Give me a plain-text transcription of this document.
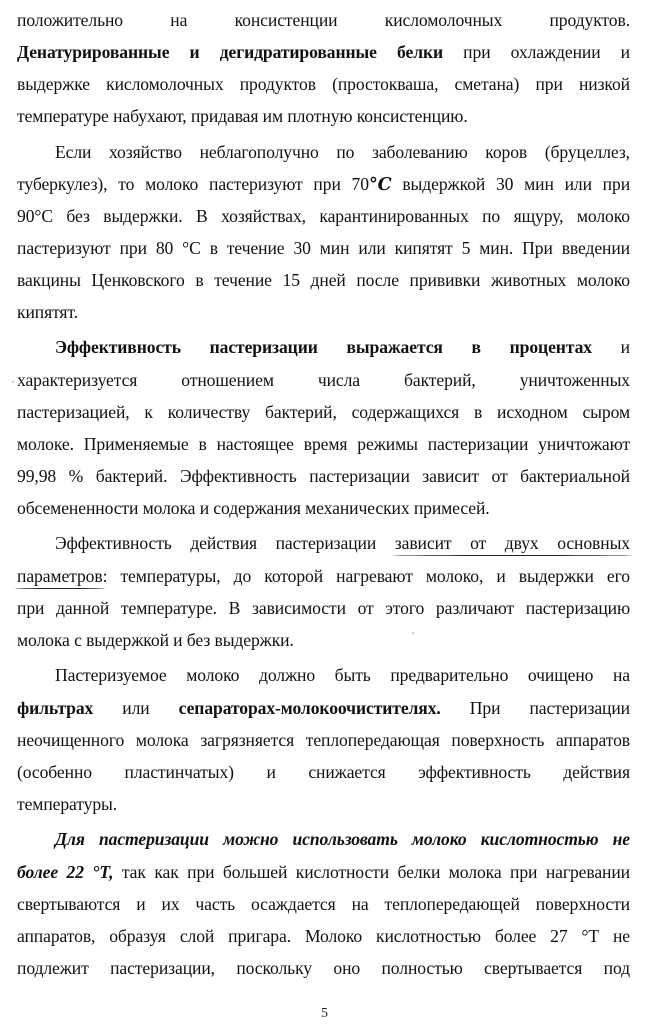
положительно на консистенции кисломолочных продуктов.
Денатурированные и дегидратированные белки при охлаждении и
выдержке кисломолочных продуктов (простокваша, сметана) при низкой
температуре набухают, придавая им плотную консистенцию.
Если хозяйство неблагополучно по заболеванию коров (бруцеллез,
туберкулез), то молоко пастеризуют при 70°C выдержкой 30 мин или при
90°С без выдержки. В хозяйствах, карантинированных по ящуру, молоко
пастеризуют при 80 °С в течение 30 мин или кипятят 5 мин. При введении
вакцины Ценковского в течение 15 дней после прививки животных молоко
кипятят.
Эффективность пастеризации выражается в процентах и
характеризуется отношением числа бактерий, уничтоженных
пастеризацией, к количеству бактерий, содержащихся в исходном сыром
молоке. Применяемые в настоящее время режимы пастеризации уничтожают
99,98 % бактерий. Эффективность пастеризации зависит от бактериальной
обсемененности молока и содержания механических примесей.
Эффективность действия пастеризации зависит от двух основных
параметров: температуры, до которой нагревают молоко, и выдержки его
при данной температуре. В зависимости от этого различают пастеризацию
молока с выдержкой и без выдержки.
Пастеризуемое молоко должно быть предварительно очищено на
фильтрах или сепараторах-молокоочистителях. При пастеризации
неочищенного молока загрязняется теплопередающая поверхность аппаратов
(особенно пластинчатых) и снижается эффективность действия
температуры.
Для пастеризации можно использовать молоко кислотностью не
более 22 °Т, так как при большей кислотности белки молока при нагревании
свертываются и их часть осаждается на теплопередающей поверхности
аппаратов, образуя слой пригара. Молоко кислотностью более 27 °Т не
подлежит пастеризации, поскольку оно полностью свертывается под
5
